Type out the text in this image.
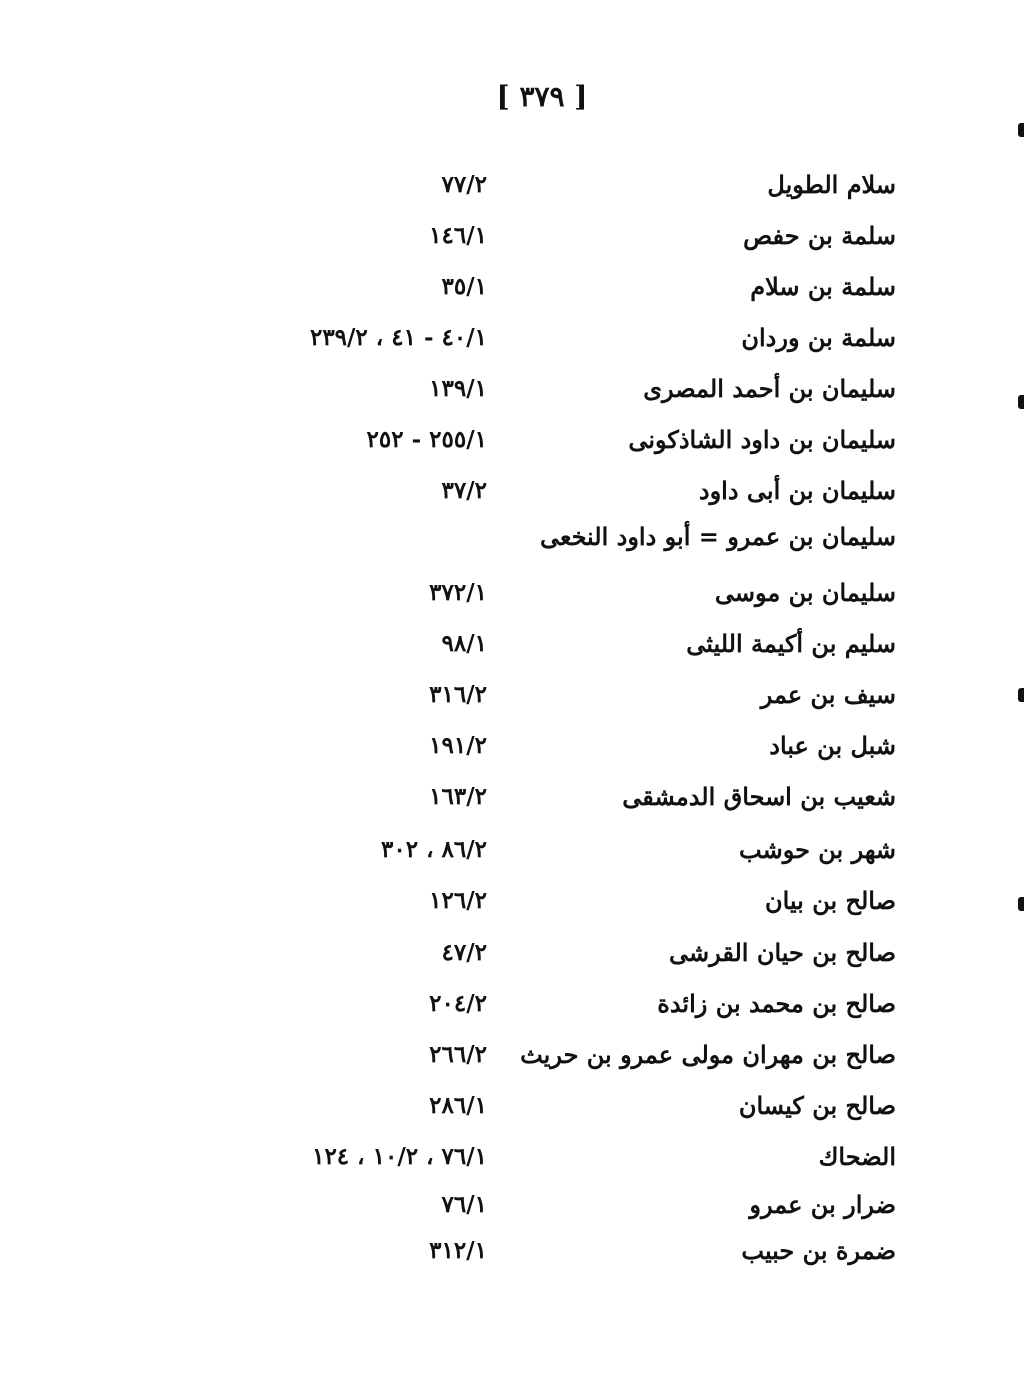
[ ٣٧٩ ]
سلام الطويل
٧٧/٢
سلمة بن حفص
١٤٦/١
سلمة بن سلام
٣٥/١
سلمة بن وردان
٤٠/١ - ٤١ ، ٢٣٩/٢
سليمان بن أحمد المصرى
١٣٩/١
سليمان بن داود الشاذكونى
٢٥٥/١ - ٢٥٢
سليمان بن أبى داود
٣٧/٢
سليمان بن عمرو = أبو داود النخعى
سليمان بن موسى
٣٧٢/١
سليم بن أكيمة الليثى
٩٨/١
سيف بن عمر
٣١٦/٢
شبل بن عباد
١٩١/٢
شعيب بن اسحاق الدمشقى
١٦٣/٢
شهر بن حوشب
٨٦/٢ ، ٣٠٢
صالح بن بيان
١٢٦/٢
صالح بن حيان القرشى
٤٧/٢
صالح بن محمد بن زائدة
٢٠٤/٢
صالح بن مهران مولى عمرو بن حريث
٢٦٦/٢
صالح بن كيسان
٢٨٦/١
الضحاك
٧٦/١ ، ١٠/٢ ، ١٢٤
ضرار بن عمرو
٧٦/١
ضمرة بن حبيب
٣١٢/١
